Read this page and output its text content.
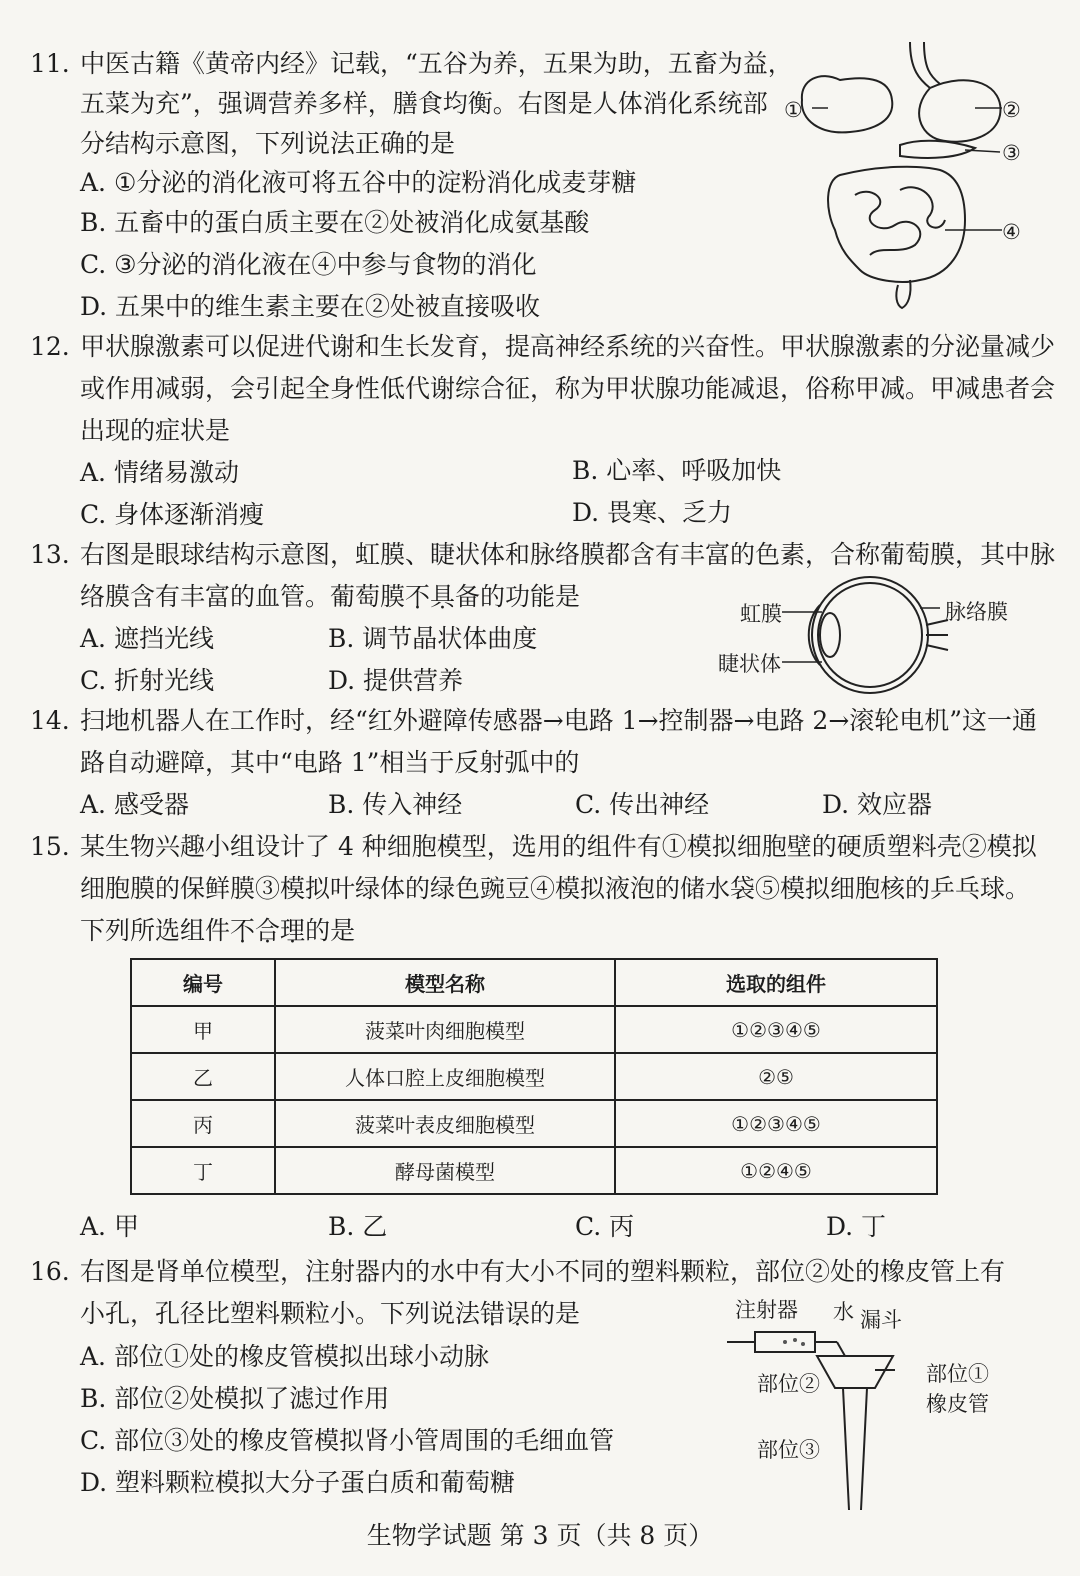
11. 中医古籍《黄帝内经》记载，“五谷为养，五果为助，五畜为益，
五菜为充”，强调营养多样，膳食均衡。右图是人体消化系统部
分结构示意图，下列说法正确的是
A. ①分泌的消化液可将五谷中的淀粉消化成麦芽糖
B. 五畜中的蛋白质主要在②处被消化成氨基酸
C. ③分泌的消化液在④中参与食物的消化
D. 五果中的维生素主要在②处被直接吸收
①	②
③
④
12. 甲状腺激素可以促进代谢和生长发育，提高神经系统的兴奋性。甲状腺激素的分泌量减少
或作用减弱，会引起全身性低代谢综合征，称为甲状腺功能减退，俗称甲减。甲减患者会
出现的症状是
A. 情绪易激动	B. 心率、呼吸加快
C. 身体逐渐消瘦	D. 畏寒、乏力
13. 右图是眼球结构示意图，虹膜、睫状体和脉络膜都含有丰富的色素，合称葡萄膜，其中脉
络膜含有丰富的血管。葡萄膜不具备的功能是
A. 遮挡光线	B. 调节晶状体曲度
C. 折射光线	D. 提供营养
虹膜
睫状体
脉络膜
14. 扫地机器人在工作时，经“红外避障传感器→电路 1→控制器→电路 2→滚轮电机”这一通
路自动避障，其中“电路 1”相当于反射弧中的
A. 感受器	B. 传入神经	C. 传出神经	D. 效应器
15. 某生物兴趣小组设计了 4 种细胞模型，选用的组件有①模拟细胞壁的硬质塑料壳②模拟
细胞膜的保鲜膜③模拟叶绿体的绿色豌豆④模拟液泡的储水袋⑤模拟细胞核的乒乓球。
下列所选组件不合理的是
编号	模型名称	选取的组件
甲	菠菜叶肉细胞模型	①②③④⑤
乙	人体口腔上皮细胞模型	②⑤
丙	菠菜叶表皮细胞模型	①②③④⑤
丁	酵母菌模型	①②④⑤
A. 甲	B. 乙	C. 丙	D. 丁
16. 右图是肾单位模型，注射器内的水中有大小不同的塑料颗粒，部位②处的橡皮管上有
小孔，孔径比塑料颗粒小。下列说法错误的是
A. 部位①处的橡皮管模拟出球小动脉
B. 部位②处模拟了滤过作用
C. 部位③处的橡皮管模拟肾小管周围的毛细血管
D. 塑料颗粒模拟大分子蛋白质和葡萄糖
注射器 水 漏斗
部位①
部位②
橡皮管
部位③
生物学试题 第 3 页（共 8 页）
